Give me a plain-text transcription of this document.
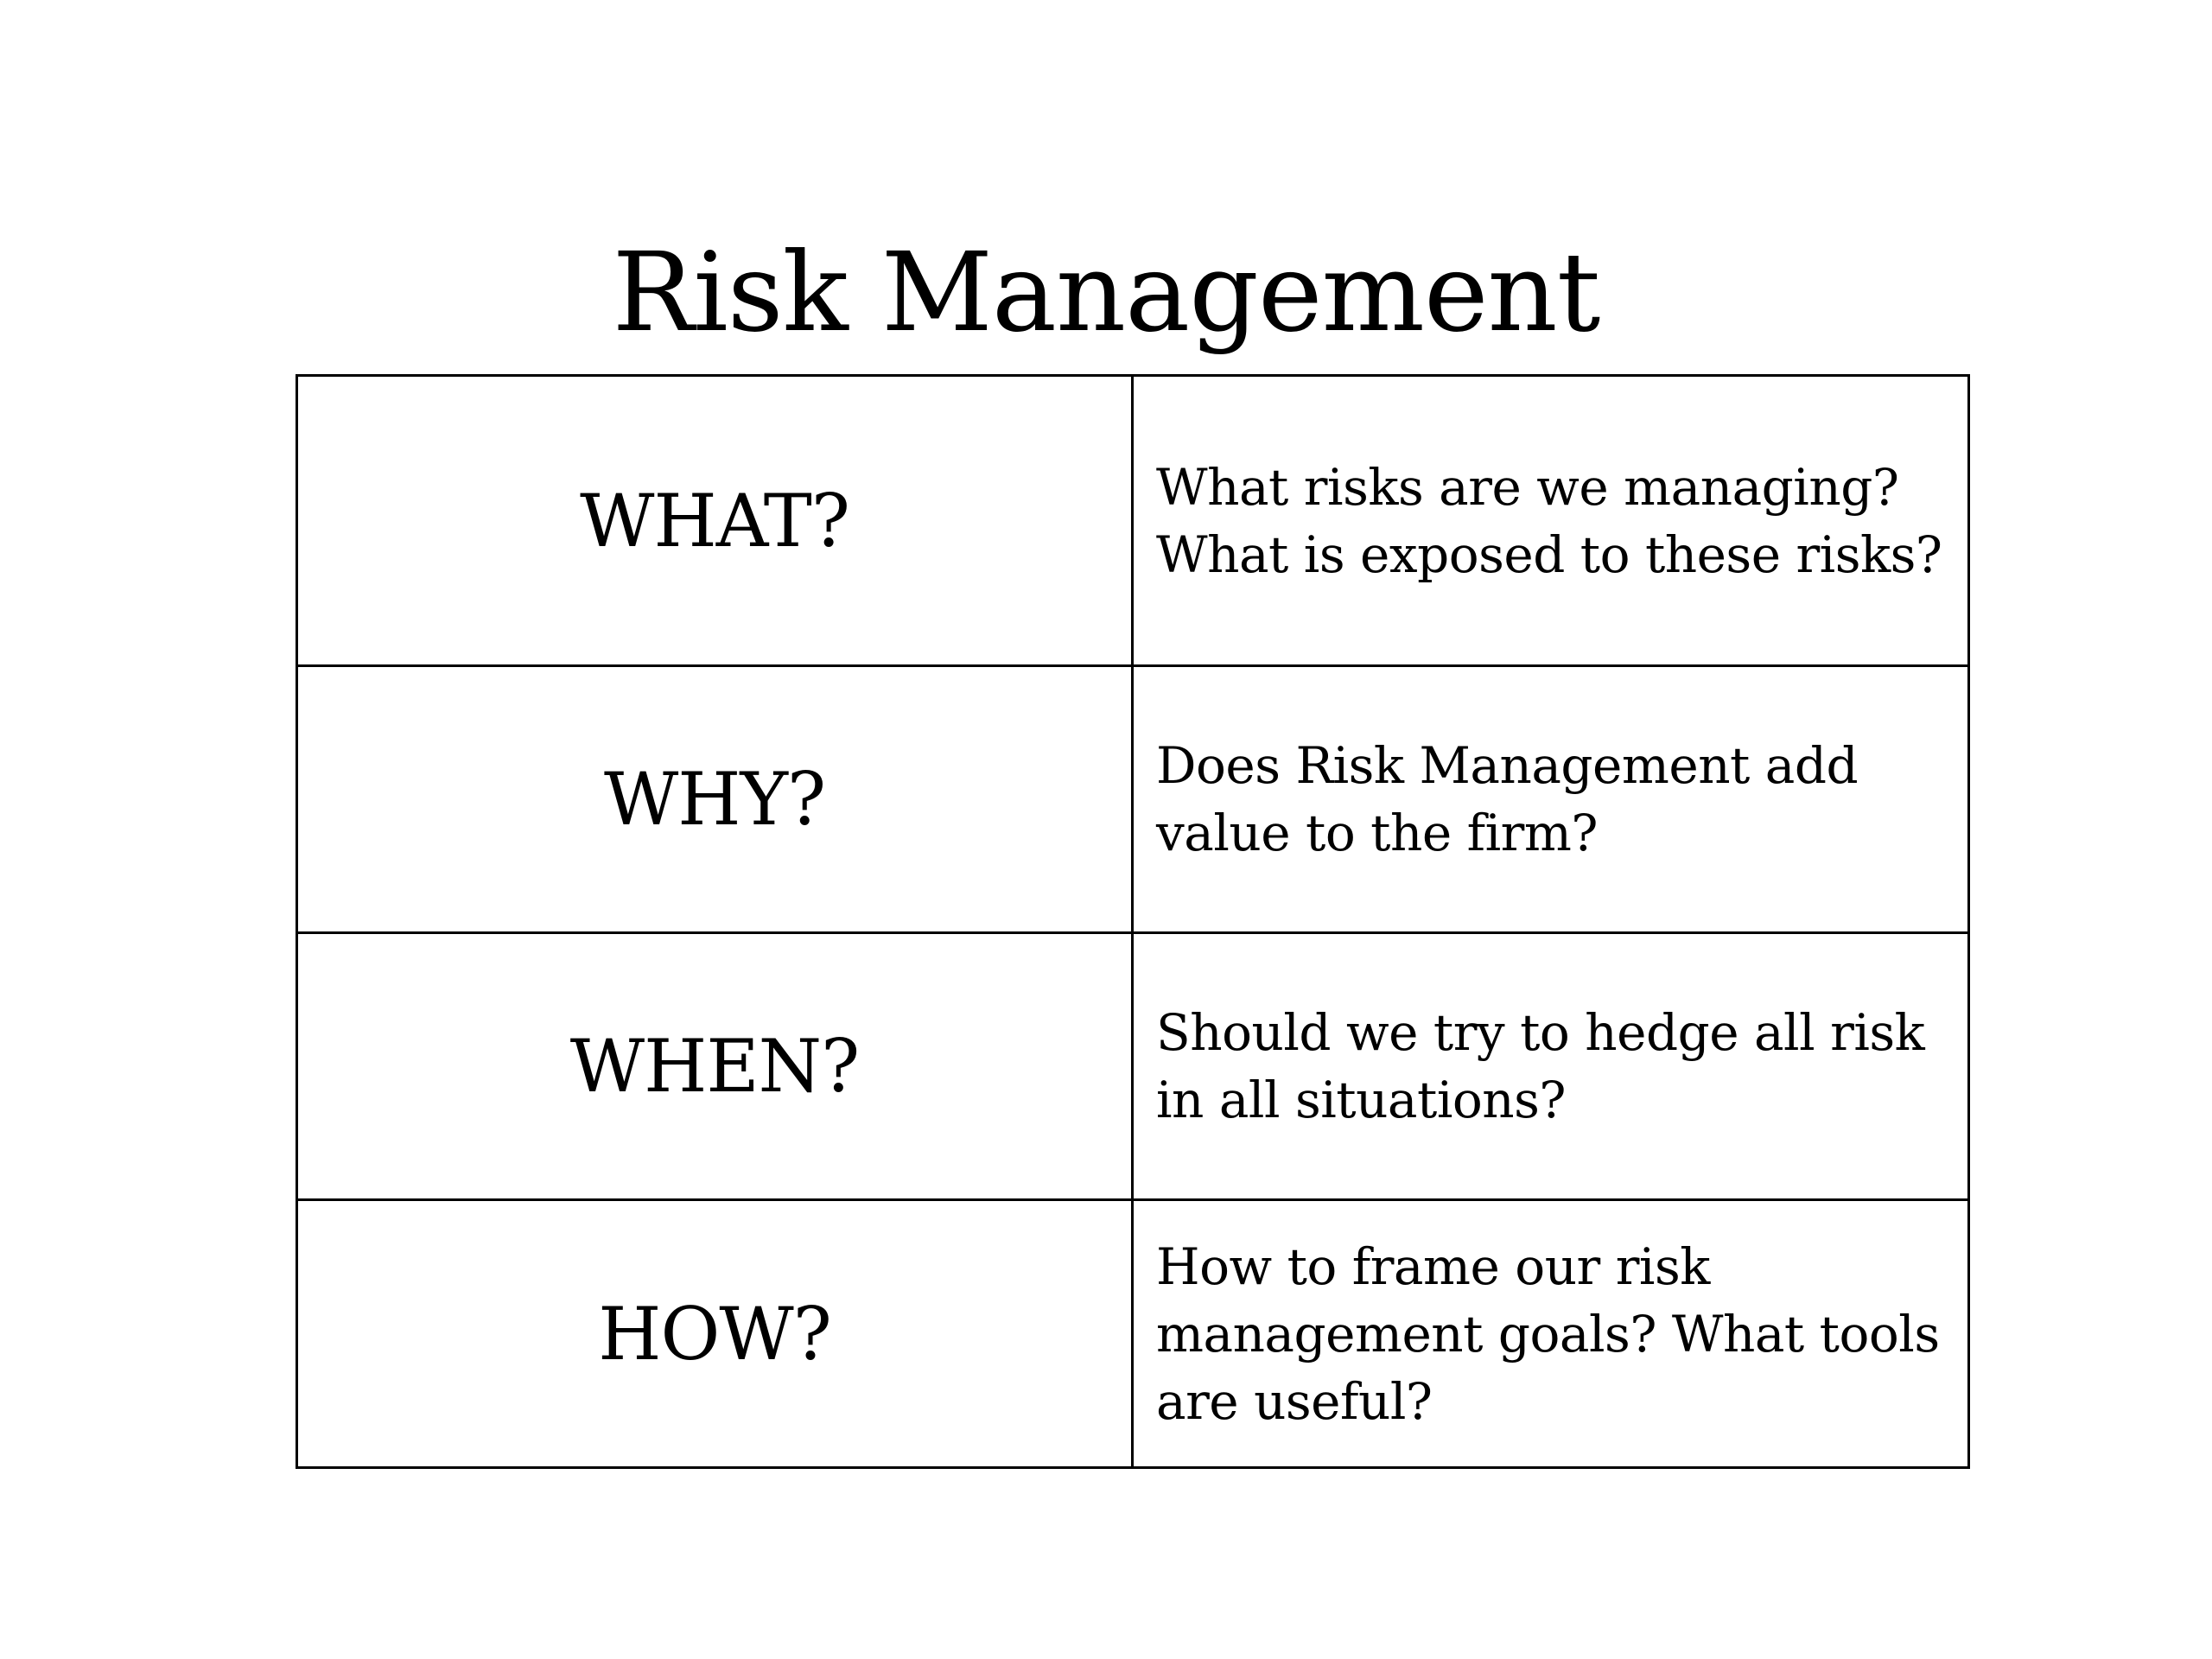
Risk Management
WHAT?	What risks are we managing? What is exposed to these risks?
WHY?	Does Risk Management add value to the firm?
WHEN?	Should we try to hedge all risk in all situations?
HOW?	How to frame our risk management goals? What tools are useful?
